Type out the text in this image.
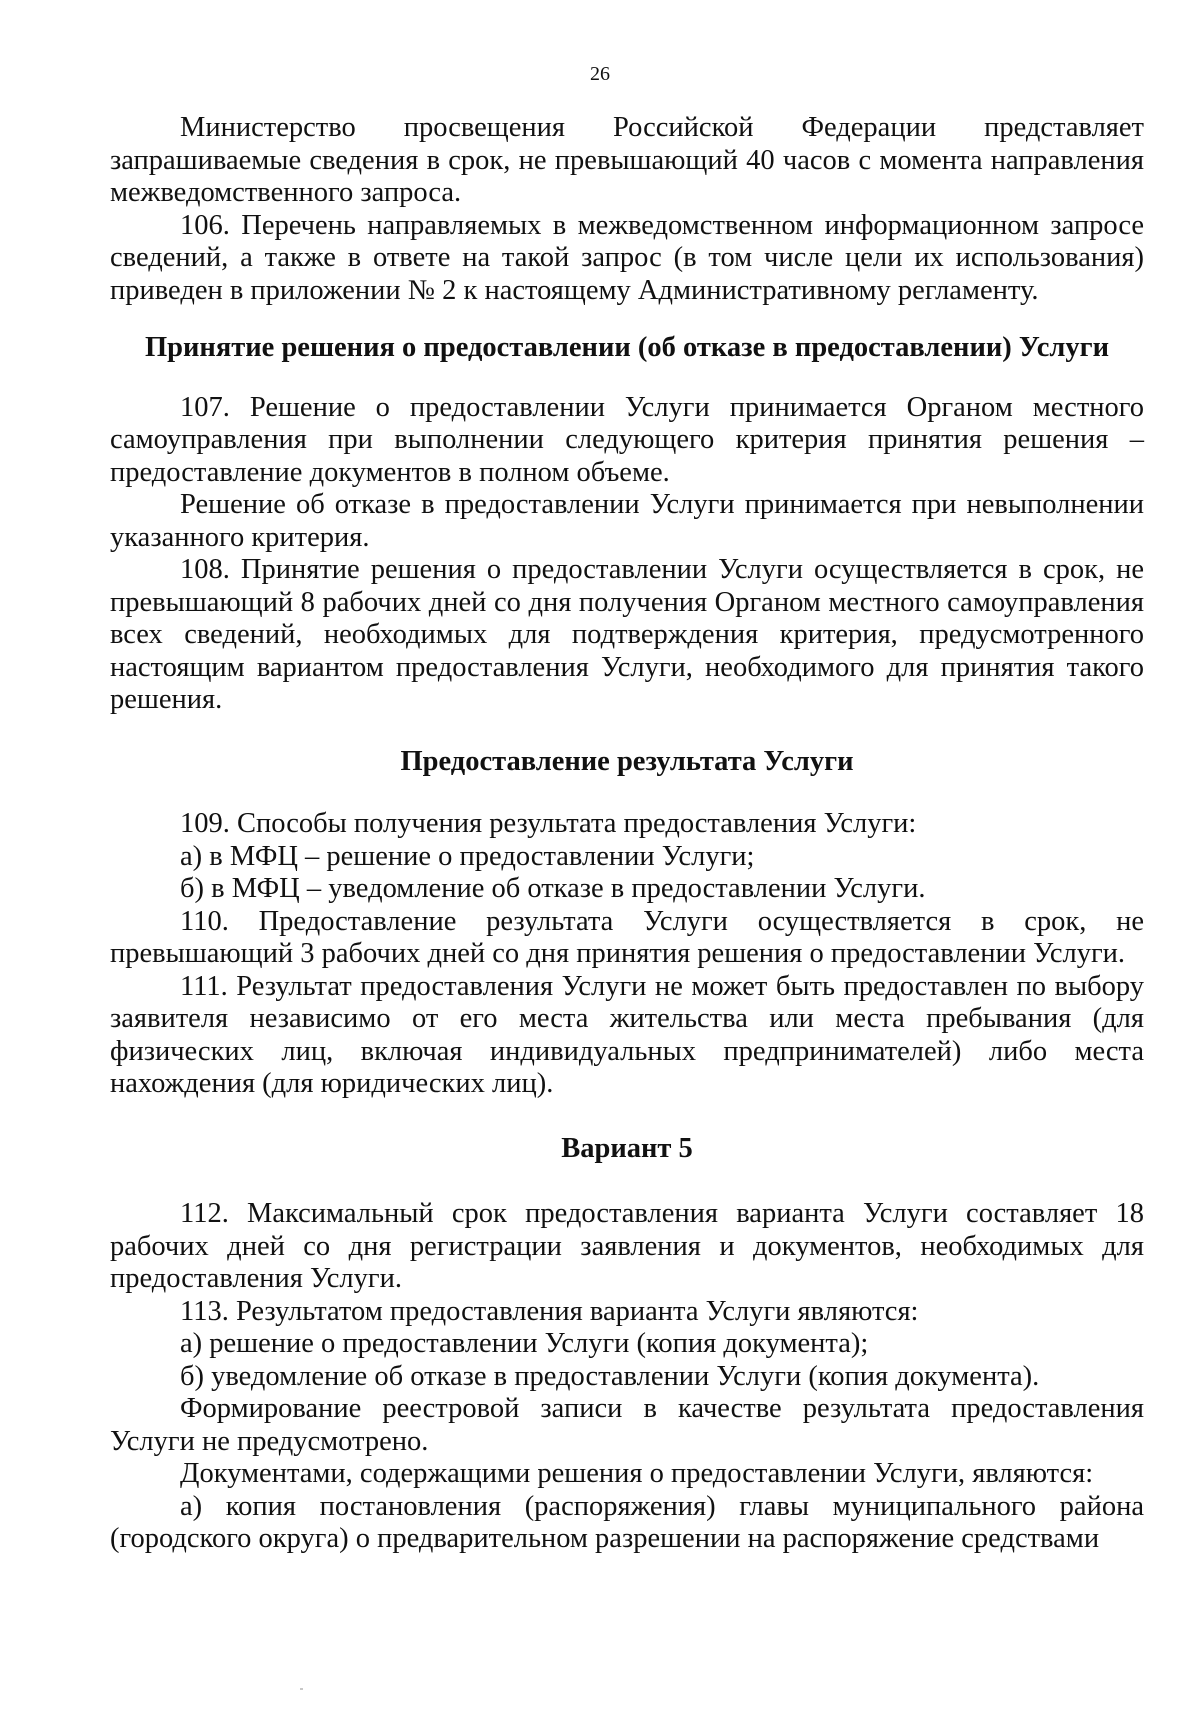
26

Министерство просвещения Российской Федерации представляет запрашиваемые сведения в срок, не превышающий 40 часов с момента направления межведомственного запроса.

106. Перечень направляемых в межведомственном информационном запросе сведений, а также в ответе на такой запрос (в том числе цели их использования) приведен в приложении № 2 к настоящему Административному регламенту.

Принятие решения о предоставлении (об отказе в предоставлении) Услуги

107. Решение о предоставлении Услуги принимается Органом местного самоуправления при выполнении следующего критерия принятия решения – предоставление документов в полном объеме.

Решение об отказе в предоставлении Услуги принимается при невыполнении указанного критерия.

108. Принятие решения о предоставлении Услуги осуществляется в срок, не превышающий 8 рабочих дней со дня получения Органом местного самоуправления всех сведений, необходимых для подтверждения критерия, предусмотренного настоящим вариантом предоставления Услуги, необходимого для принятия такого решения.

Предоставление результата Услуги

109. Способы получения результата предоставления Услуги:

а) в МФЦ – решение о предоставлении Услуги;

б) в МФЦ – уведомление об отказе в предоставлении Услуги.

110. Предоставление результата Услуги осуществляется в срок, не превышающий 3 рабочих дней со дня принятия решения о предоставлении Услуги.

111. Результат предоставления Услуги не может быть предоставлен по выбору заявителя независимо от его места жительства или места пребывания (для физических лиц, включая индивидуальных предпринимателей) либо места нахождения (для юридических лиц).

Вариант 5

112. Максимальный срок предоставления варианта Услуги составляет 18 рабочих дней со дня регистрации заявления и документов, необходимых для предоставления Услуги.

113. Результатом предоставления варианта Услуги являются:

а) решение о предоставлении Услуги (копия документа);

б) уведомление об отказе в предоставлении Услуги (копия документа).

Формирование реестровой записи в качестве результата предоставления Услуги не предусмотрено.

Документами, содержащими решения о предоставлении Услуги, являются:

а) копия постановления (распоряжения) главы муниципального района (городского округа) о предварительном разрешении на распоряжение средствами
